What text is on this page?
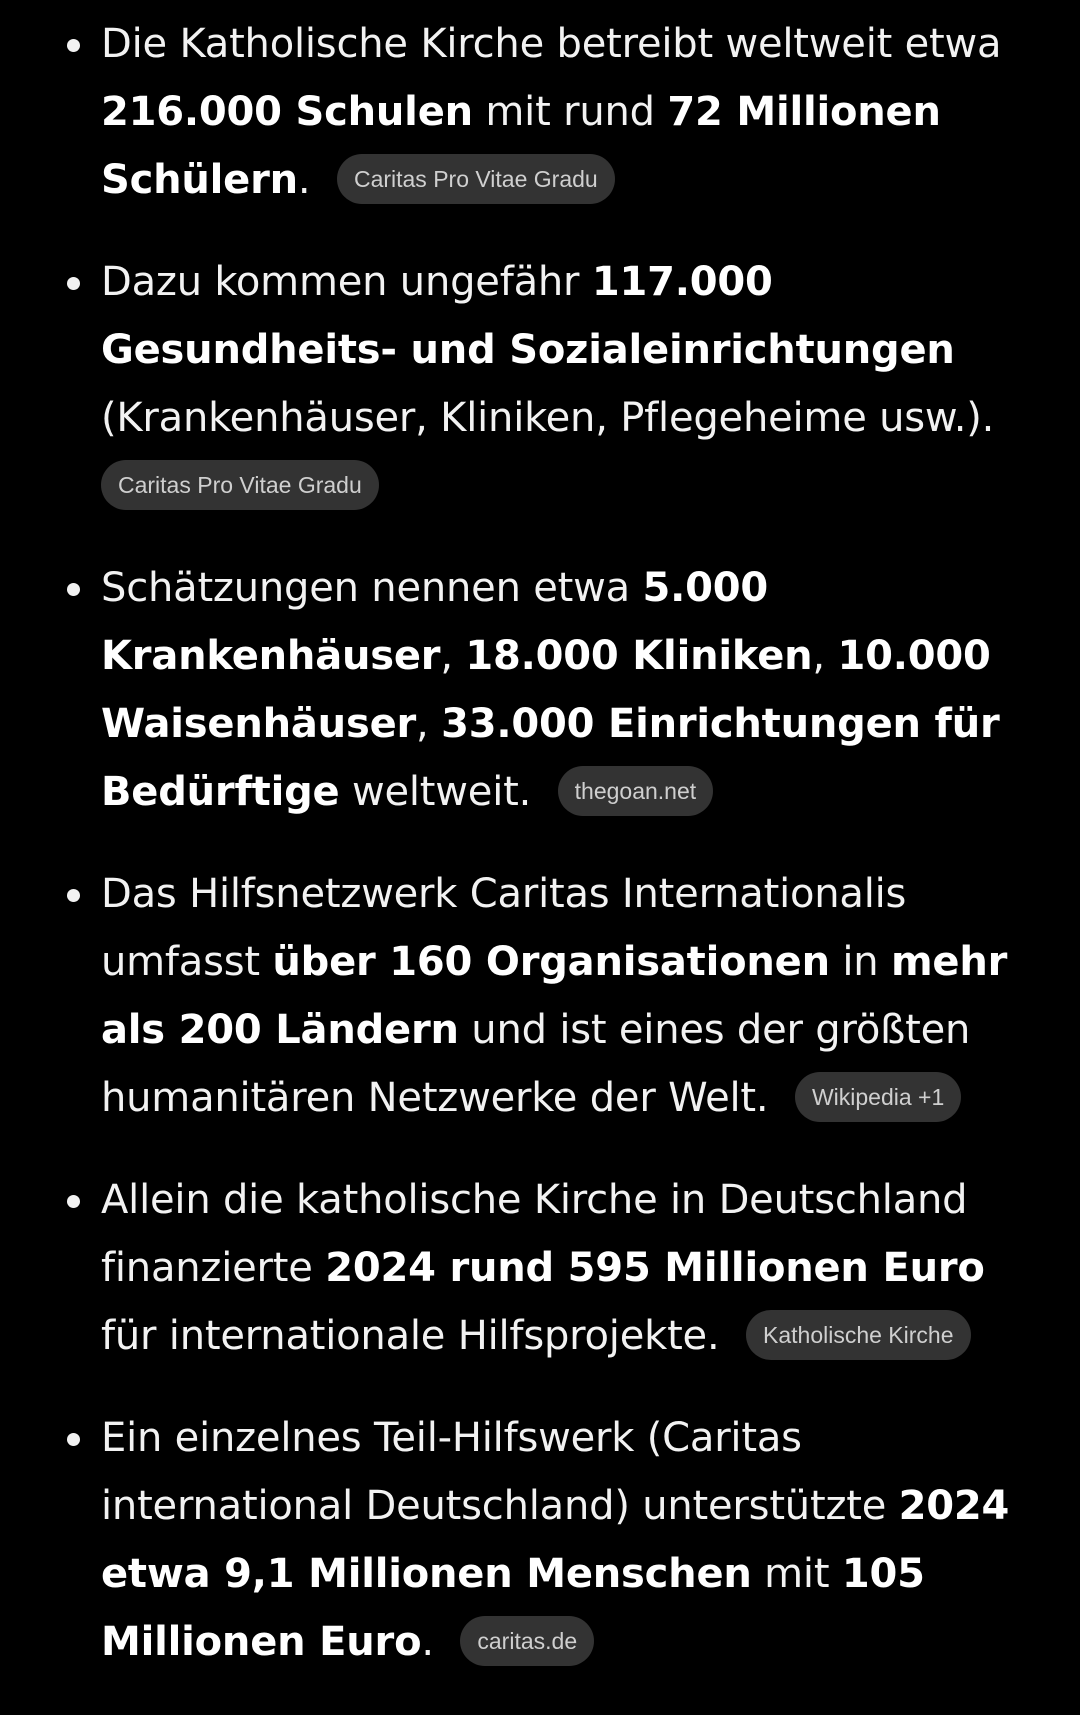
Die Katholische Kirche betreibt weltweit etwa 216.000 Schulen mit rund 72 Millionen Schülern. Caritas Pro Vitae Gradu
Dazu kommen ungefähr 117.000 Gesundheits- und Sozialeinrichtungen (Krankenhäuser, Kliniken, Pflegeheime usw.). Caritas Pro Vitae Gradu
Schätzungen nennen etwa 5.000 Krankenhäuser, 18.000 Kliniken, 10.000 Waisenhäuser, 33.000 Einrichtungen für Bedürftige weltweit. thegoan.net
Das Hilfsnetzwerk Caritas Internationalis umfasst über 160 Organisationen in mehr als 200 Ländern und ist eines der größten humanitären Netzwerke der Welt. Wikipedia +1
Allein die katholische Kirche in Deutschland finanzierte 2024 rund 595 Millionen Euro für internationale Hilfsprojekte. Katholische Kirche
Ein einzelnes Teil-Hilfswerk (Caritas international Deutschland) unterstützte 2024 etwa 9,1 Millionen Menschen mit 105 Millionen Euro. caritas.de
